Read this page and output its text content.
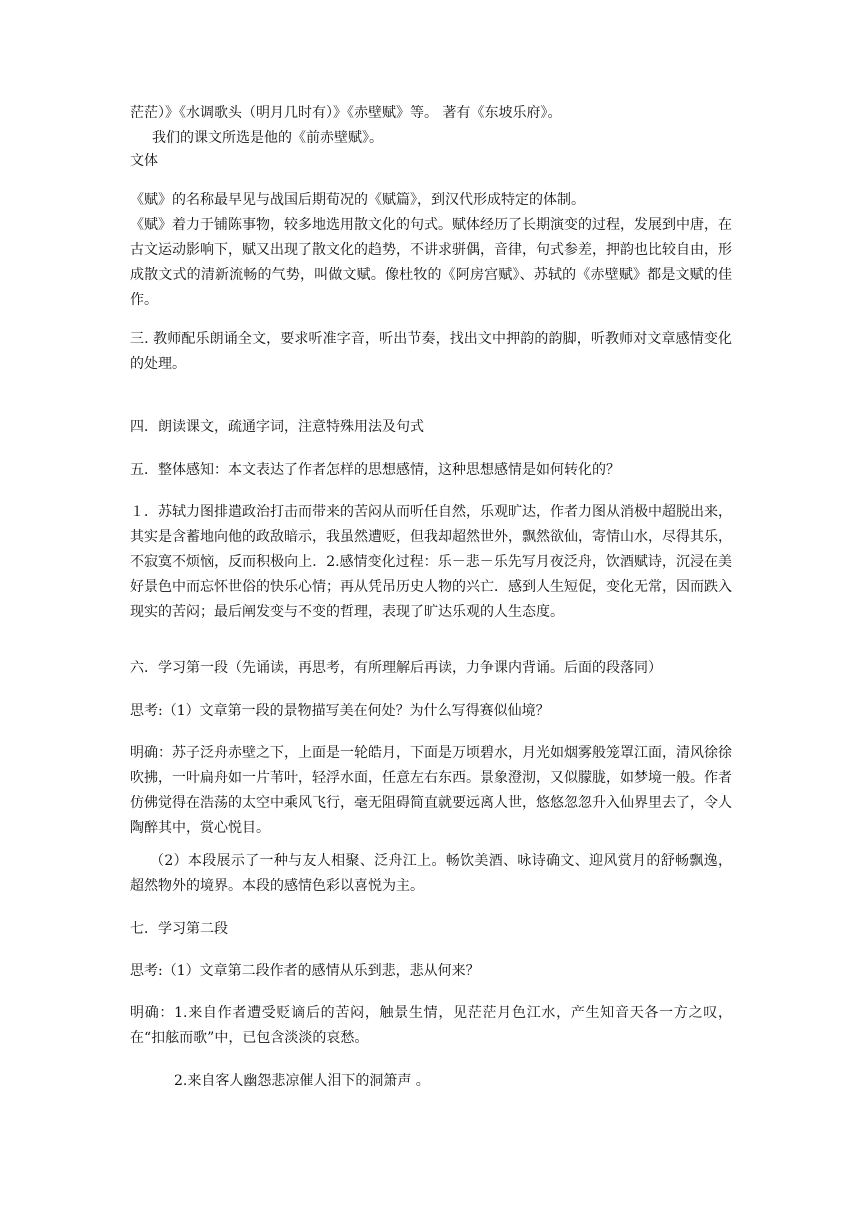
茫茫）》《水调歌头（明月几时有）》《赤壁赋》等。 著有《东坡乐府》。
我们的课文所选是他的《前赤壁赋》。
文体
《赋》的名称最早见与战国后期荀况的《赋篇》，到汉代形成特定的体制。
《赋》着力于铺陈事物，较多地选用散文化的句式。赋体经历了长期演变的过程，发展到中唐，在古文运动影响下，赋又出现了散文化的趋势，不讲求骈偶，音律，句式参差，押韵也比较自由，形成散文式的清新流畅的气势，叫做文赋。像杜牧的《阿房宫赋》、苏轼的《赤壁赋》都是文赋的佳作。
三. 教师配乐朗诵全文，要求听准字音，听出节奏，找出文中押韵的韵脚，听教师对文章感情变化的处理。
四．朗读课文，疏通字词，注意特殊用法及句式
五．整体感知：本文表达了作者怎样的思想感情，这种思想感情是如何转化的？
１．苏轼力图排遣政治打击而带来的苦闷从而听任自然，乐观旷达，作者力图从消极中超脱出来，其实是含蓄地向他的政敌暗示，我虽然遭贬，但我却超然世外，飘然欲仙，寄情山水，尽得其乐，不寂寞不烦恼，反而积极向上．2.感情变化过程：乐－悲－乐先写月夜泛舟，饮酒赋诗，沉浸在美好景色中而忘怀世俗的快乐心情；再从凭吊历史人物的兴亡．感到人生短促，变化无常，因而跌入现实的苦闷；最后阐发变与不变的哲理，表现了旷达乐观的人生态度。
六．学习第一段（先诵读，再思考，有所理解后再读，力争课内背诵。后面的段落同）
思考:（1）文章第一段的景物描写美在何处？为什么写得赛似仙境？
明确：苏子泛舟赤壁之下，上面是一轮皓月，下面是万顷碧水，月光如烟雾般笼罩江面，清风徐徐吹拂，一叶扁舟如一片苇叶，轻浮水面，任意左右东西。景象澄沏，又似朦胧，如梦境一般。作者仿佛觉得在浩荡的太空中乘风飞行，毫无阻碍简直就要远离人世，悠悠忽忽升入仙界里去了，令人陶醉其中，赏心悦目。
（2）本段展示了一种与友人相聚、泛舟江上。畅饮美酒、咏诗确文、迎风赏月的舒畅飘逸，超然物外的境界。本段的感情色彩以喜悦为主。
七．学习第二段
思考:（1）文章第二段作者的感情从乐到悲，悲从何来？
明确：1.来自作者遭受贬谪后的苦闷，触景生情，见茫茫月色江水，产生知音天各一方之叹，在“扣舷而歌”中，已包含淡淡的哀愁。
2.来自客人幽怨悲凉催人泪下的洞箫声 。
